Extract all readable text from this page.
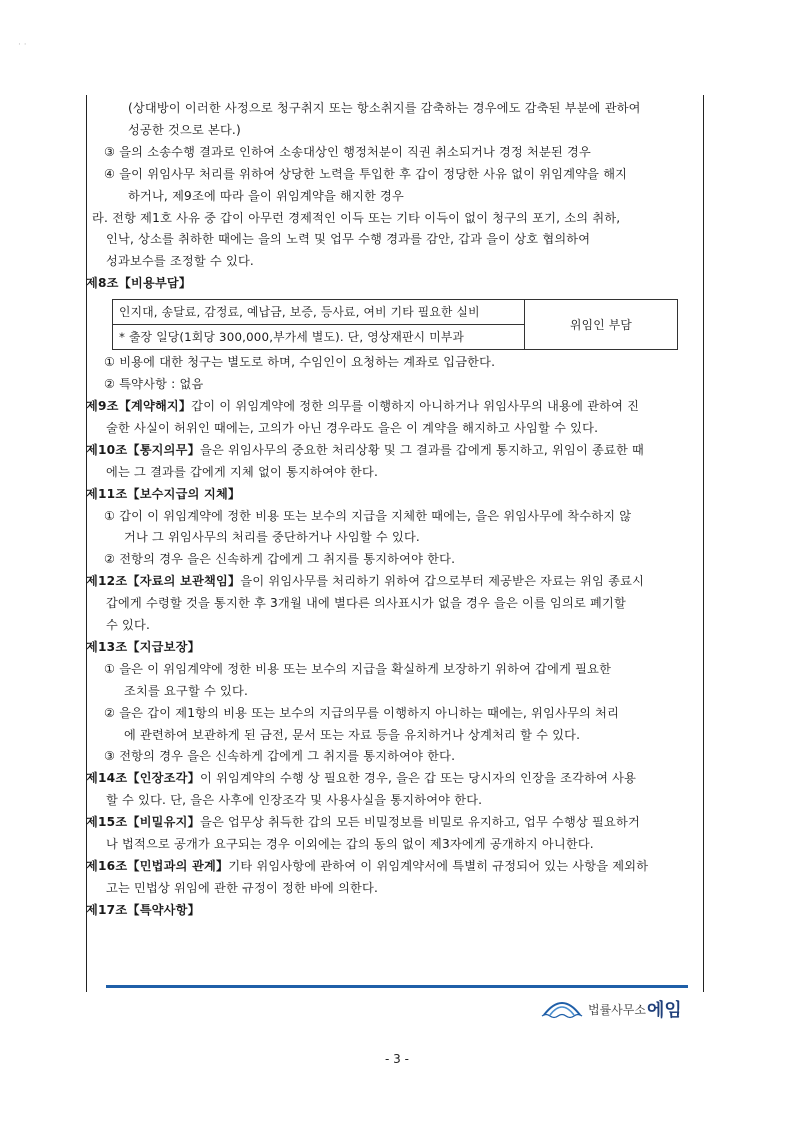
· ·
(상대방이 이러한 사정으로 청구취지 또는 항소취지를 감축하는 경우에도 감축된 부분에 관하여
성공한 것으로 본다.)
③ 을의 소송수행 결과로 인하여 소송대상인 행정처분이 직권 취소되거나 경정 처분된 경우
④ 을이 위임사무 처리를 위하여 상당한 노력을 투입한 후 갑이 정당한 사유 없이 위임계약을 해지
하거나, 제9조에 따라 을이 위임계약을 해지한 경우
라. 전항 제1호 사유 중 갑이 아무런 경제적인 이득 또는 기타 이득이 없이 청구의 포기, 소의 취하,
인낙, 상소를 취하한 때에는 을의 노력 및 업무 수행 경과를 감안, 갑과 을이 상호 협의하여
성과보수를 조정할 수 있다.
제8조【비용부담】
인지대, 송달료, 감정료, 예납금, 보증, 등사료, 여비 기타 필요한 실비	위임인 부담
* 출장 일당(1회당 300,000,부가세 별도). 단, 영상재판시 미부과
① 비용에 대한 청구는 별도로 하며, 수임인이 요청하는 계좌로 입금한다.
② 특약사항 : 없음
제9조【계약해지】갑이 이 위임계약에 정한 의무를 이행하지 아니하거나 위임사무의 내용에 관하여 진
술한 사실이 허위인 때에는, 고의가 아닌 경우라도 을은 이 계약을 해지하고 사임할 수 있다.
제10조【통지의무】을은 위임사무의 중요한 처리상황 및 그 결과를 갑에게 통지하고, 위임이 종료한 때
에는 그 결과를 갑에게 지체 없이 통지하여야 한다.
제11조【보수지급의 지체】
① 갑이 이 위임계약에 정한 비용 또는 보수의 지급을 지체한 때에는, 을은 위임사무에 착수하지 않
거나 그 위임사무의 처리를 중단하거나 사임할 수 있다.
② 전항의 경우 을은 신속하게 갑에게 그 취지를 통지하여야 한다.
제12조【자료의 보관책임】을이 위임사무를 처리하기 위하여 갑으로부터 제공받은 자료는 위임 종료시
갑에게 수령할 것을 통지한 후 3개월 내에 별다른 의사표시가 없을 경우 을은 이를 임의로 폐기할
수 있다.
제13조【지급보장】
① 을은 이 위임계약에 정한 비용 또는 보수의 지급을 확실하게 보장하기 위하여 갑에게 필요한
조치를 요구할 수 있다.
② 을은 갑이 제1항의 비용 또는 보수의 지급의무를 이행하지 아니하는 때에는, 위임사무의 처리
에 관련하여 보관하게 된 금전, 문서 또는 자료 등을 유치하거나 상계처리 할 수 있다.
③ 전항의 경우 을은 신속하게 갑에게 그 취지를 통지하여야 한다.
제14조【인장조각】이 위임계약의 수행 상 필요한 경우, 을은 갑 또는 당시자의 인장을 조각하여 사용
할 수 있다. 단, 을은 사후에 인장조각 및 사용사실을 통지하여야 한다.
제15조【비밀유지】을은 업무상 취득한 갑의 모든 비밀정보를 비밀로 유지하고, 업무 수행상 필요하거
나 법적으로 공개가 요구되는 경우 이외에는 갑의 동의 없이 제3자에게 공개하지 아니한다.
제16조【민법과의 관계】기타 위임사항에 관하여 이 위임계약서에 특별히 규정되어 있는 사항을 제외하
고는 민법상 위임에 관한 규정이 정한 바에 의한다.
제17조【특약사항】
법률사무소 에임
- 3 -
